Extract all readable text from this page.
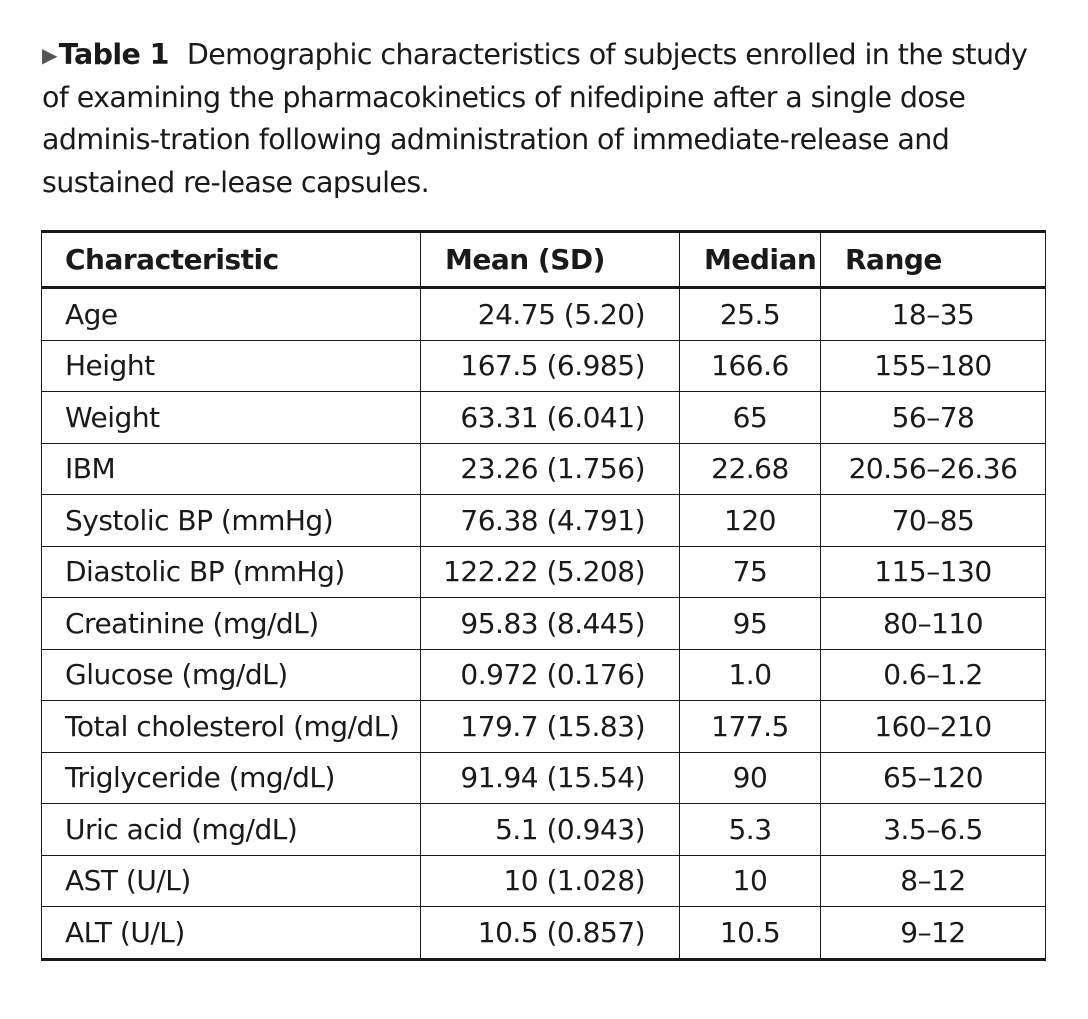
▶Table 1 Demographic characteristics of subjects enrolled in the study of examining the pharmacokinetics of nifedipine after a single dose adminis-tration following administration of immediate-release and sustained re-lease capsules.
Characteristic	Mean (SD)	Median	Range
Age	24.75 (5.20)	25.5	18–35
Height	167.5 (6.985)	166.6	155–180
Weight	63.31 (6.041)	65	56–78
IBM	23.26 (1.756)	22.68	20.56–26.36
Systolic BP (mmHg)	76.38 (4.791)	120	70–85
Diastolic BP (mmHg)	122.22 (5.208)	75	115–130
Creatinine (mg/dL)	95.83 (8.445)	95	80–110
Glucose (mg/dL)	0.972 (0.176)	1.0	0.6–1.2
Total cholesterol (mg/dL)	179.7 (15.83)	177.5	160–210
Triglyceride (mg/dL)	91.94 (15.54)	90	65–120
Uric acid (mg/dL)	5.1 (0.943)	5.3	3.5–6.5
AST (U/L)	10 (1.028)	10	8–12
ALT (U/L)	10.5 (0.857)	10.5	9–12
